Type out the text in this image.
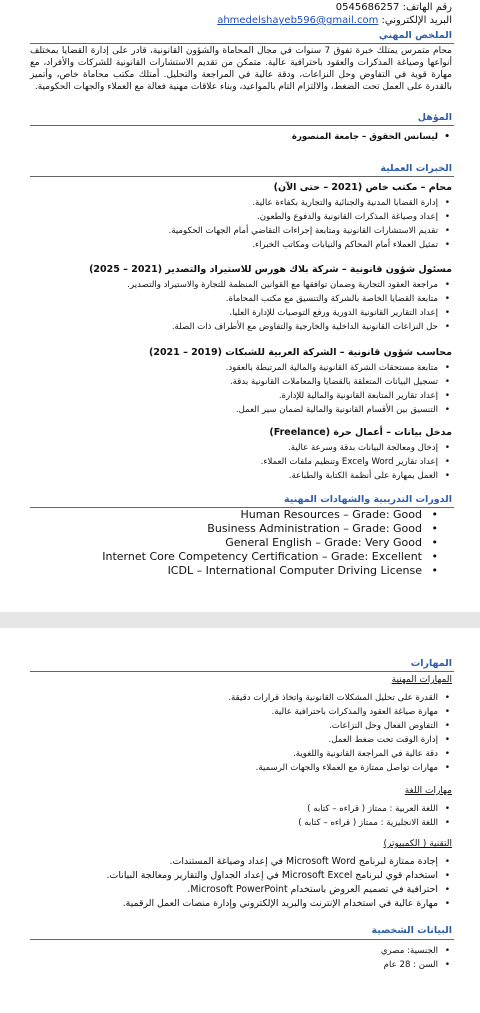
رقم الهاتف: 0545686257
البريد الإلكتروني: ahmedelshayeb596@gmail.com
الملخص المهني
محام متمرس يمتلك خبرة تفوق 7 سنوات في مجال المحاماة والشؤون القانونية، قادر على إدارة القضايا بمختلف أنواعها وصياغة المذكرات والعقود باحترافية عالية. متمكن من تقديم الاستشارات القانونية للشركات والأفراد، مع مهارة قوية في التفاوض وحل النزاعات، ودقة عالية في المراجعة والتحليل. أمتلك مكتب محاماة خاص، وأتميز بالقدرة على العمل تحت الضغط، والالتزام التام بالمواعيد، وبناء علاقات مهنية فعالة مع العملاء والجهات الحكومية.
المؤهل
• ليسانس الحقوق – جامعة المنصورة
الخبرات العملية
محام – مكتب خاص (2021 – حتى الآن)
• إدارة القضايا المدنية والجنائية والتجارية بكفاءة عالية.
• إعداد وصياغة المذكرات القانونية والدفوع والطعون.
• تقديم الاستشارات القانونية ومتابعة إجراءات التقاضي أمام الجهات الحكومية.
• تمثيل العملاء أمام المحاكم والنيابات ومكاتب الخبراء.
مسئول شؤون قانونية – شركة بلاك هورس للاستيراد والتصدير (2021 – 2025)
• مراجعة العقود التجارية وضمان توافقها مع القوانين المنظمة للتجارة والاستيراد والتصدير.
• متابعة القضايا الخاصة بالشركة والتنسيق مع مكتب المحاماة.
• إعداد التقارير القانونية الدورية ورفع التوصيات للإدارة العليا.
• حل النزاعات القانونية الداخلية والخارجية والتفاوض مع الأطراف ذات الصلة.
محاسب شؤون قانونية – الشركة العربية للشبكات (2019 – 2021)
• متابعة مستحقات الشركة القانونية والمالية المرتبطة بالعقود.
• تسجيل البيانات المتعلقة بالقضايا والمعاملات القانونية بدقة.
• إعداد تقارير المتابعة القانونية والمالية للإدارة.
• التنسيق بين الأقسام القانونية والمالية لضمان سير العمل.
مدخل بيانات – أعمال حرة (Freelance)
• إدخال ومعالجة البيانات بدقة وسرعة عالية.
• إعداد تقارير Word وExcel وتنظيم ملفات العملاء.
• العمل بمهارة على أنظمة الكتابة والطباعة.
الدورات التدريبية والشهادات المهنية
Human Resources – Grade: Good •
Business Administration – Grade: Good •
General English – Grade: Very Good •
Internet Core Competency Certification – Grade: Excellent •
ICDL – International Computer Driving License •
المهارات
المهارات المهنية
• القدرة على تحليل المشكلات القانونية واتخاذ قرارات دقيقة.
• مهارة صياغة العقود والمذكرات باحترافية عالية.
• التفاوض الفعال وحل النزاعات.
• إدارة الوقت تحت ضغط العمل.
• دقة عالية في المراجعة القانونية واللغوية.
• مهارات تواصل ممتازة مع العملاء والجهات الرسمية.
مهارات اللغة
• اللغة العربية : ممتاز ( قراءه – كتابه )
• اللغة الانجليزية : ممتاز ( قراءه – كتابه )
التقنية ( الكمبيوتر)
• إجادة ممتازة لبرنامج Microsoft Word في إعداد وصياغة المستندات.
• استخدام قوي لبرنامج Microsoft Excel في إعداد الجداول والتقارير ومعالجة البيانات.
• احترافية في تصميم العروض باستخدام Microsoft PowerPoint.
• مهارة عالية في استخدام الإنترنت والبريد الإلكتروني وإدارة منصات العمل الرقمية.
البيانات الشخصية
• الجنسية: مصري
• السن : 28 عام
